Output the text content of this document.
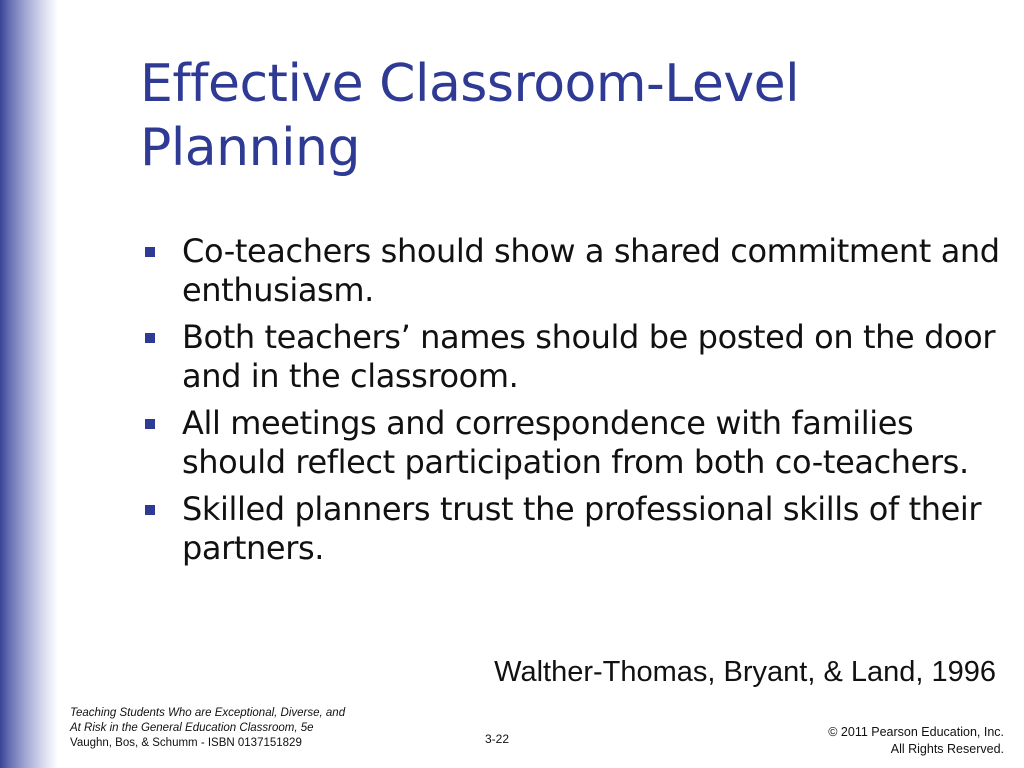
Effective Classroom-Level
Planning
Co-teachers should show a shared commitment and enthusiasm.
Both teachers’ names should be posted on the door and in the classroom.
All meetings and correspondence with families should reflect participation from both co-teachers.
Skilled planners trust the professional skills of their partners.
Walther-Thomas, Bryant, & Land, 1996
Teaching Students Who are Exceptional, Diverse, and
At Risk in the General Education Classroom, 5e
Vaughn, Bos, & Schumm - ISBN 0137151829	3-22	© 2011 Pearson Education, Inc.
All Rights Reserved.
